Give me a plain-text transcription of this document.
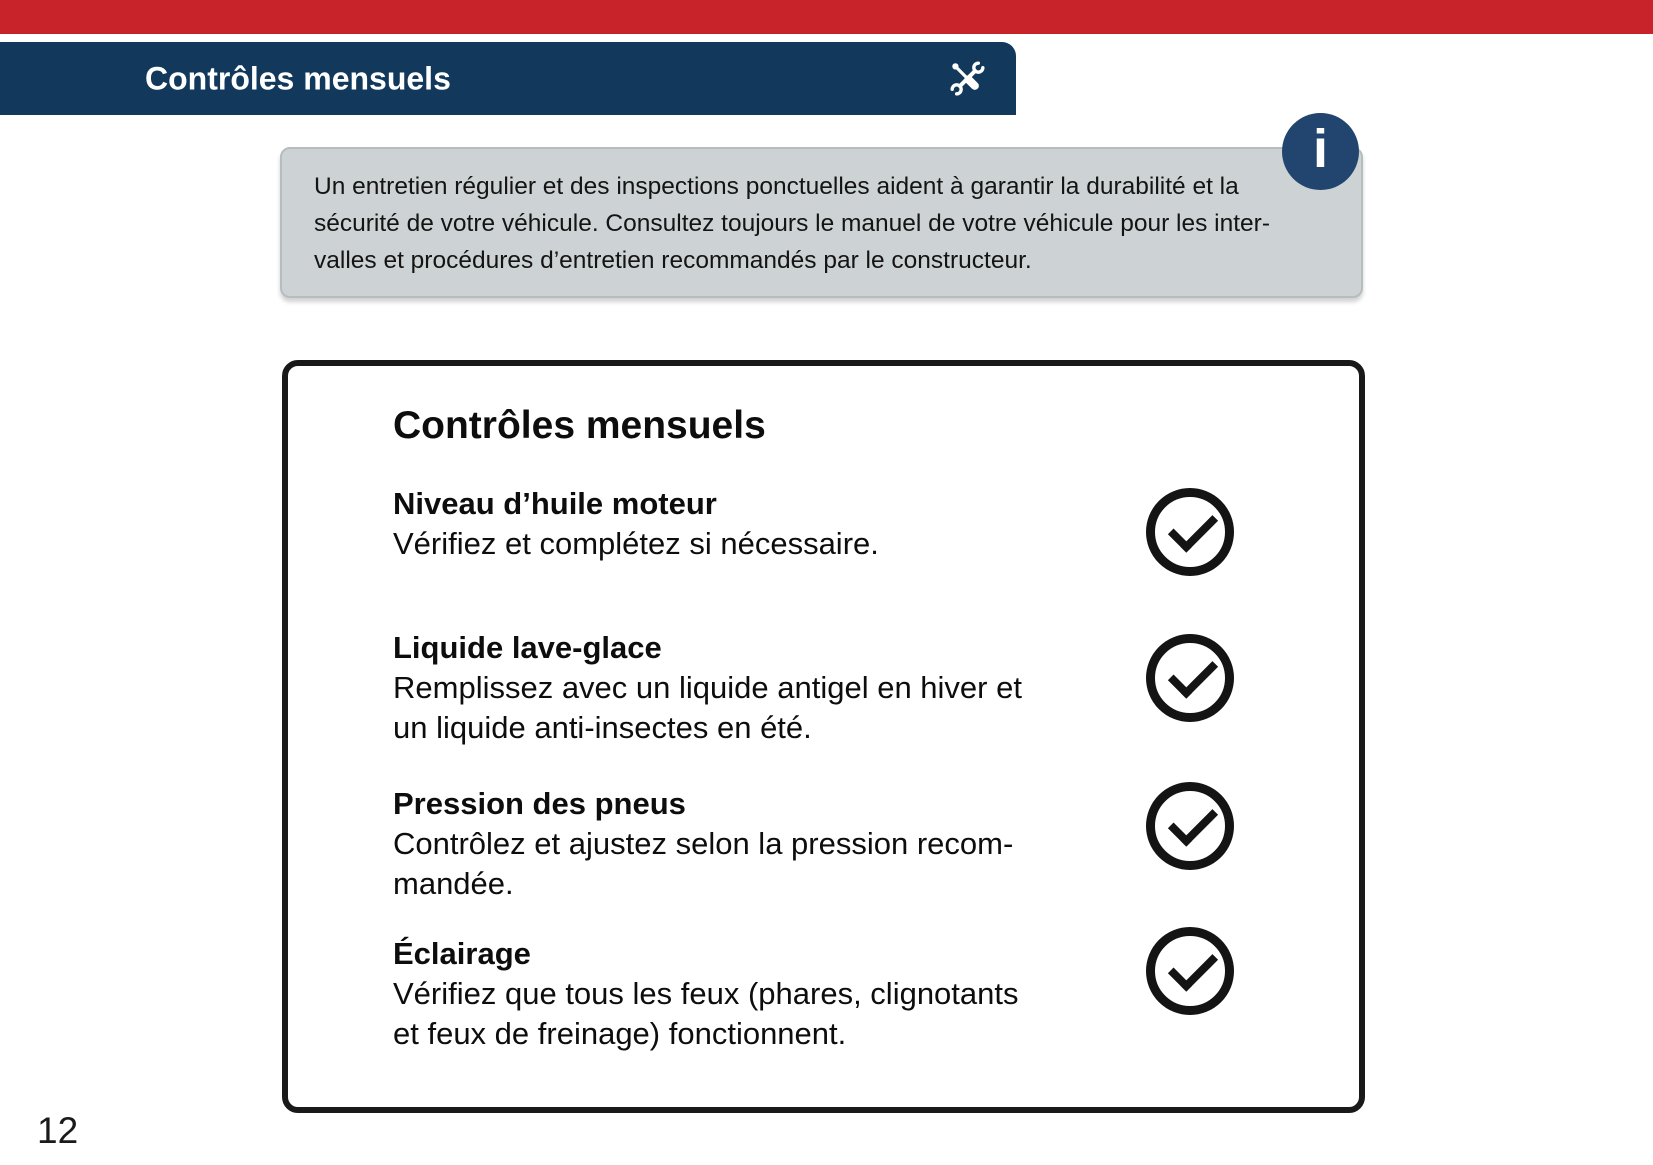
Contrôles mensuels
i
Un entretien régulier et des inspections ponctuelles aident à garantir la durabilité et la
sécurité de votre véhicule. Consultez toujours le manuel de votre véhicule pour les inter-
valles et procédures d’entretien recommandés par le constructeur.
Contrôles mensuels
Niveau d’huile moteur
Vérifiez et complétez si nécessaire.
Liquide lave-glace
Remplissez avec un liquide antigel en hiver et
un liquide anti-insectes en été.
Pression des pneus
Contrôlez et ajustez selon la pression recom-
mandée.
Éclairage
Vérifiez que tous les feux (phares, clignotants
et feux de freinage) fonctionnent.
12
